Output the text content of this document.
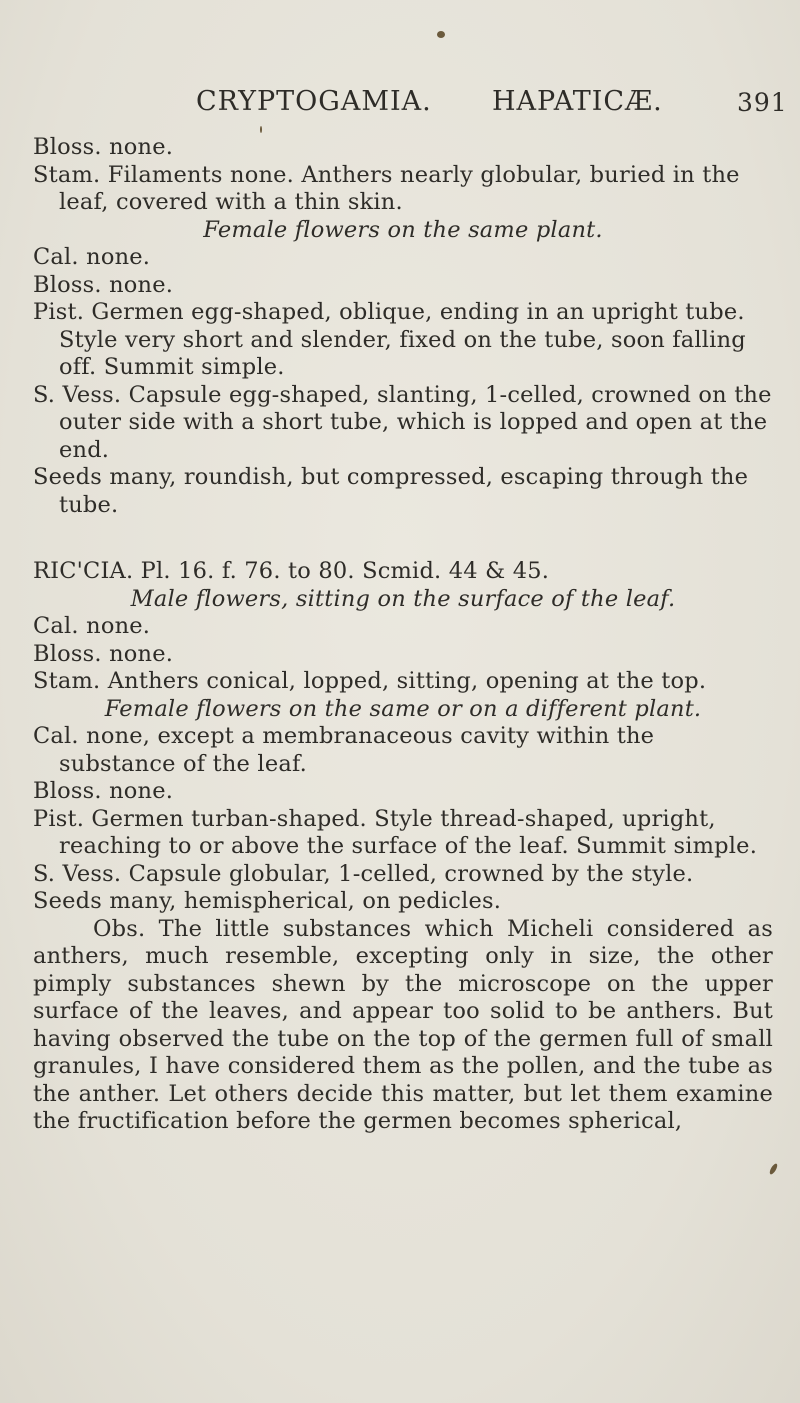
CRYPTOGAMIA. HAPATICÆ.	391

Bloss. none.

Stam. Filaments none. Anthers nearly globular, buried in the leaf, covered with a thin skin.

Female flowers on the same plant.

Cal. none.

Bloss. none.

Pist. Germen egg-shaped, oblique, ending in an upright tube. Style very short and slender, fixed on the tube, soon falling off. Summit simple.

S. Vess. Capsule egg-shaped, slanting, 1-celled, crowned on the outer side with a short tube, which is lopped and open at the end.

Seeds many, roundish, but compressed, escaping through the tube.

RIC'CIA. Pl. 16. f. 76. to 80. Scmid. 44 & 45.

Male flowers, sitting on the surface of the leaf.

Cal. none.

Bloss. none.

Stam. Anthers conical, lopped, sitting, opening at the top.

Female flowers on the same or on a different plant.

Cal. none, except a membranaceous cavity within the substance of the leaf.

Bloss. none.

Pist. Germen turban-shaped. Style thread-shaped, upright, reaching to or above the surface of the leaf. Summit simple.

S. Vess. Capsule globular, 1-celled, crowned by the style.

Seeds many, hemispherical, on pedicles.

Obs. The little substances which Micheli considered as anthers, much resemble, excepting only in size, the other pimply substances shewn by the microscope on the upper surface of the leaves, and appear too solid to be anthers. But having observed the tube on the top of the germen full of small granules, I have considered them as the pollen, and the tube as the anther. Let others decide this matter, but let them examine the fructification before the germen becomes spherical,
